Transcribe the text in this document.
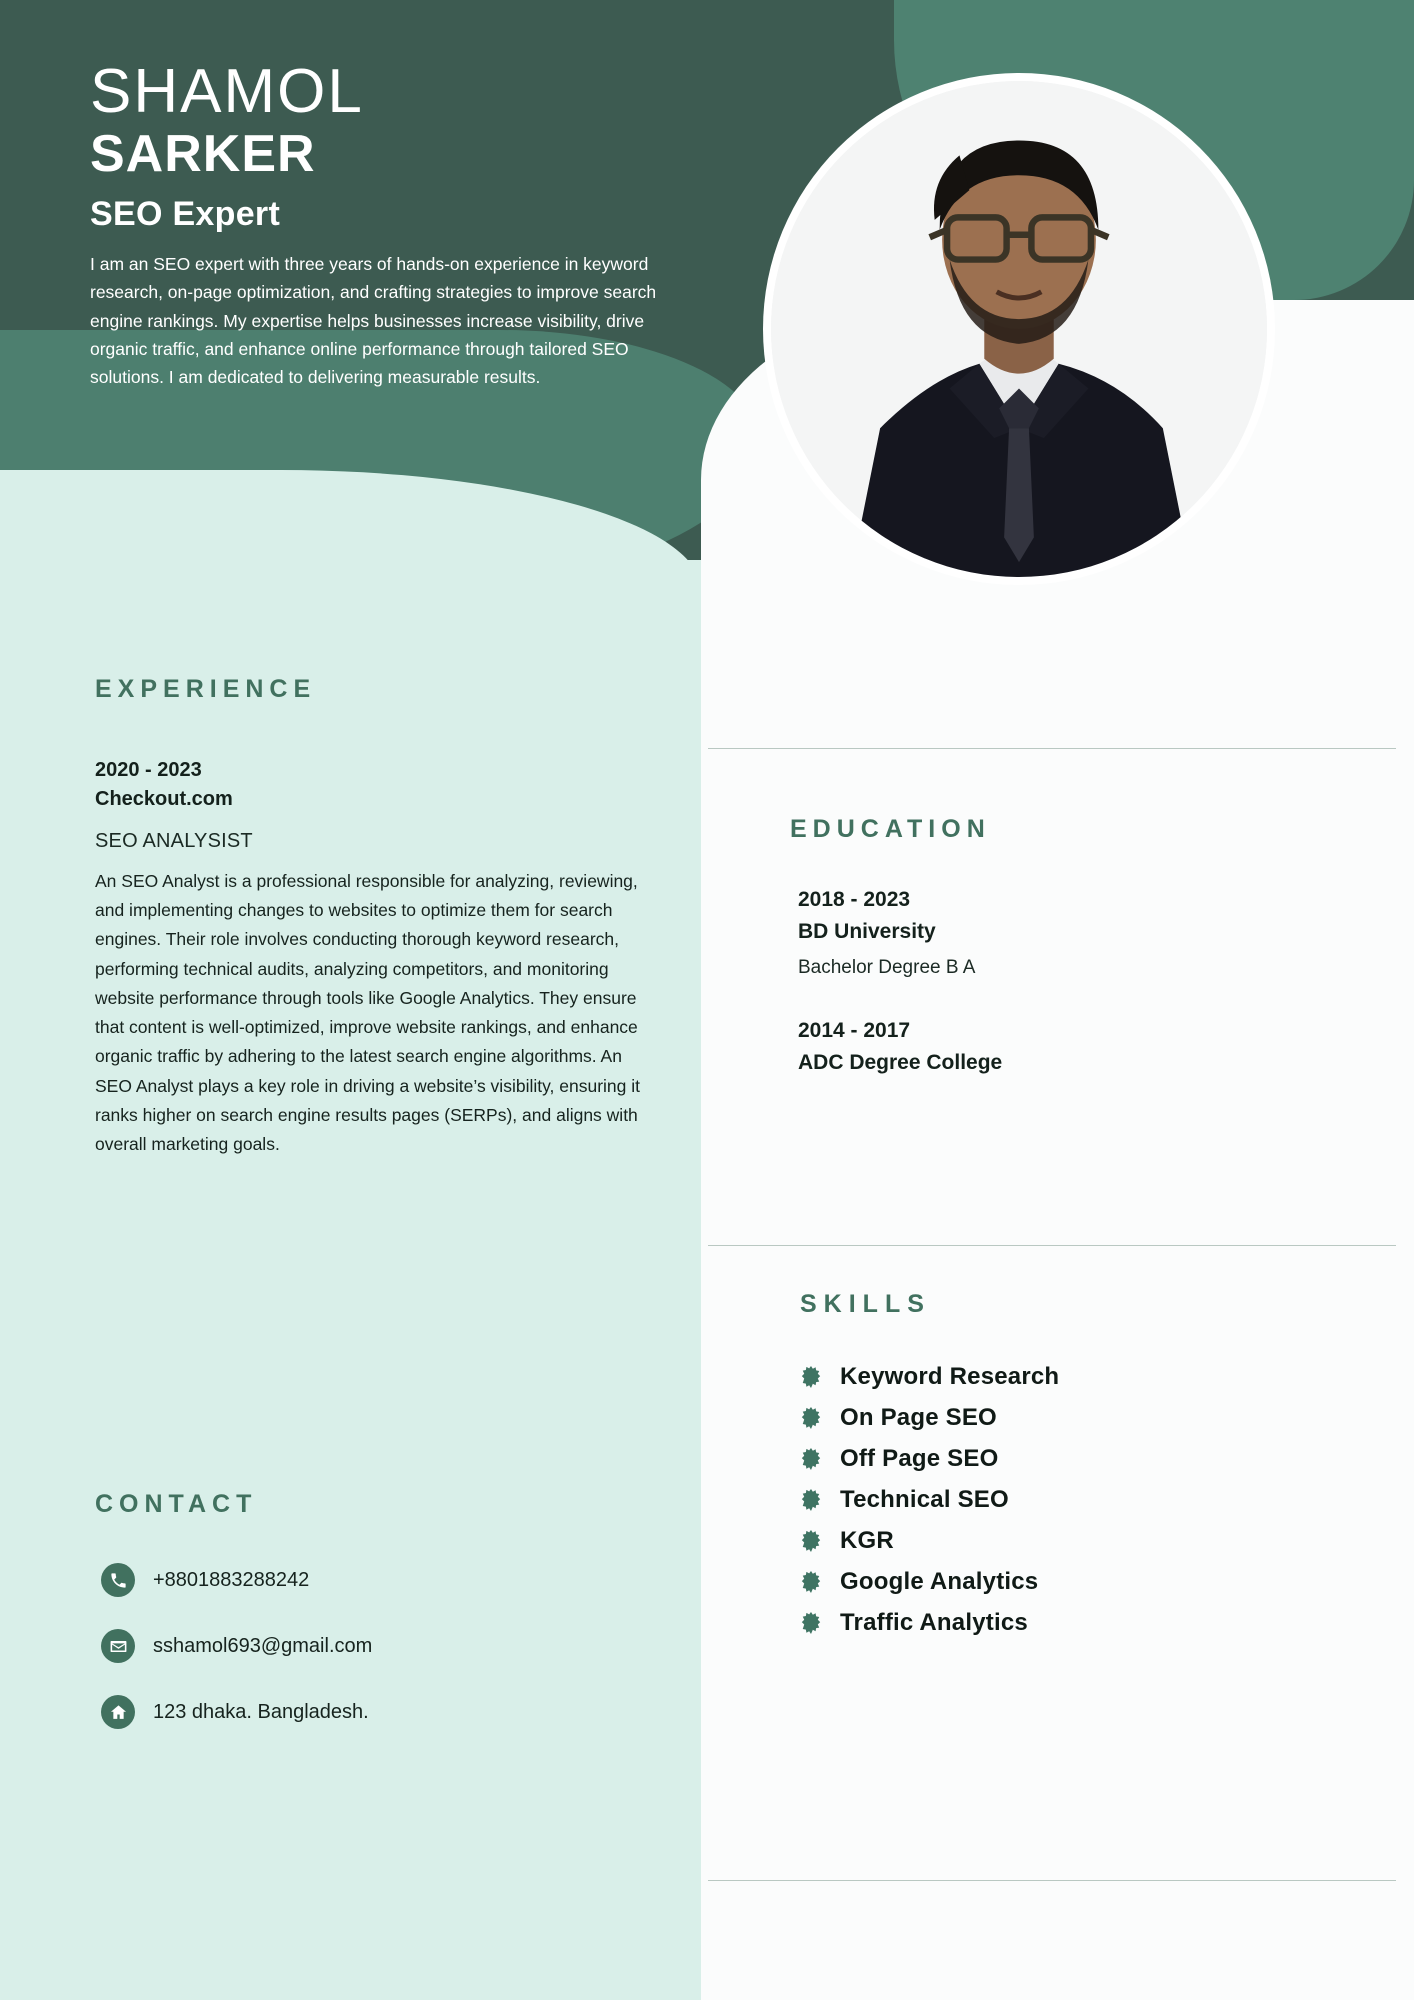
SHAMOL
SARKER
SEO Expert
I am an SEO expert with three years of hands-on experience in keyword research, on-page optimization, and crafting strategies to improve search engine rankings. My expertise helps businesses increase visibility, drive organic traffic, and enhance online performance through tailored SEO solutions. I am dedicated to delivering measurable results.
EXPERIENCE
2020 - 2023
Checkout.com
SEO ANALYSIST
An SEO Analyst is a professional responsible for analyzing, reviewing, and implementing changes to websites to optimize them for search engines. Their role involves conducting thorough keyword research, performing technical audits, analyzing competitors, and monitoring website performance through tools like Google Analytics. They ensure that content is well-optimized, improve website rankings, and enhance organic traffic by adhering to the latest search engine algorithms. An SEO Analyst plays a key role in driving a website’s visibility, ensuring it ranks higher on search engine results pages (SERPs), and aligns with overall marketing goals.
CONTACT
+8801883288242
sshamol693@gmail.com
123 dhaka. Bangladesh.
EDUCATION
2018 - 2023
BD University
Bachelor Degree B A
2014 - 2017
ADC Degree College
SKILLS
Keyword Research
On Page SEO
Off Page SEO
Technical SEO
KGR
Google Analytics
Traffic Analytics
